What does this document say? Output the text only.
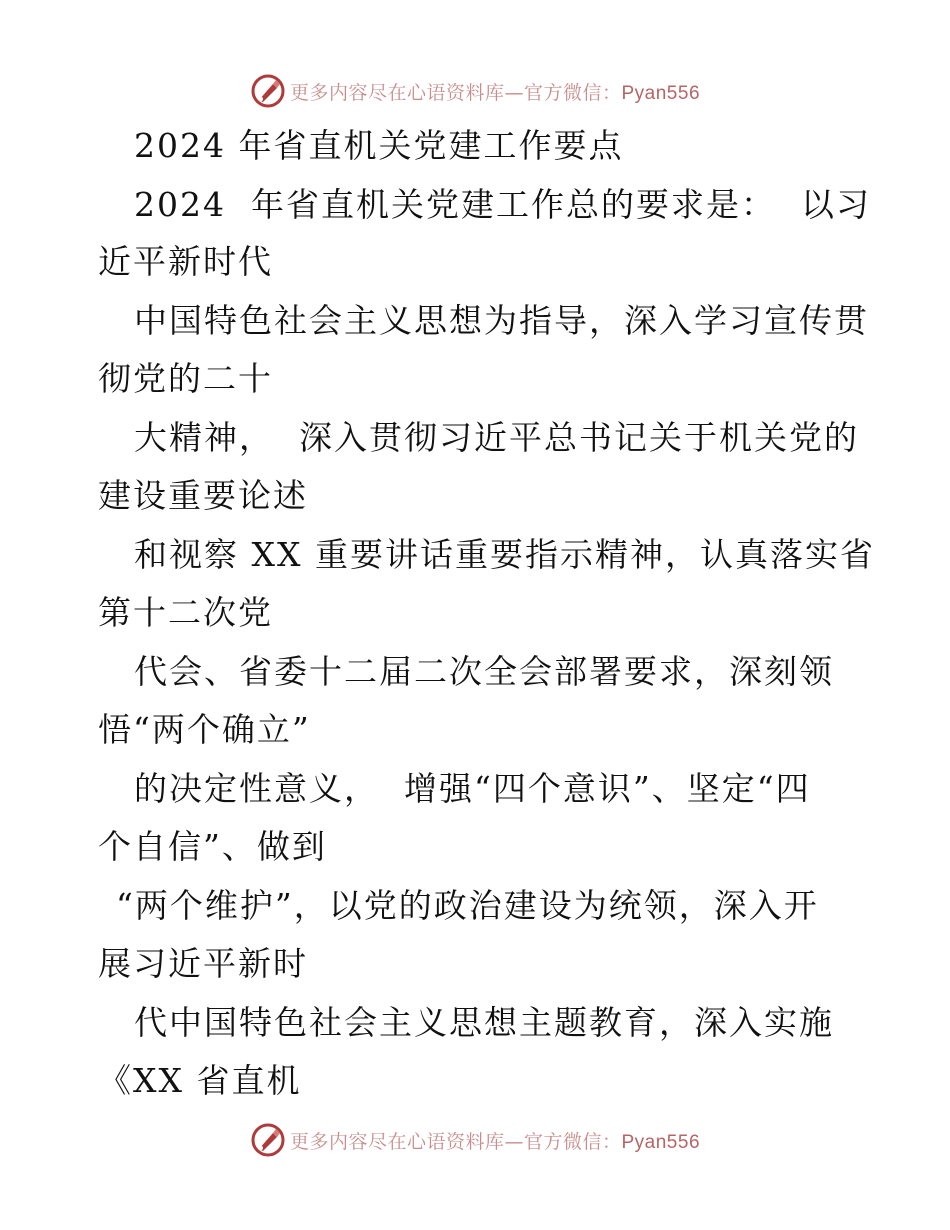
更多内容尽在心语资料库—官方微信：Pyan556
2024 年省直机关党建工作要点
2024  年省直机关党建工作总的要求是：  以习
近平新时代
中国特色社会主义思想为指导，深入学习宣传贯
彻党的二十
大精神，  深入贯彻习近平总书记关于机关党的
建设重要论述
和视察 XX 重要讲话重要指示精神，认真落实省
第十二次党
代会、省委十二届二次全会部署要求，深刻领
悟“两个确立”
的决定性意义，  增强“四个意识”、坚定“四
个自信”、做到
“两个维护”，以党的政治建设为统领，深入开
展习近平新时
代中国特色社会主义思想主题教育，深入实施
《XX 省直机
更多内容尽在心语资料库—官方微信：Pyan556
